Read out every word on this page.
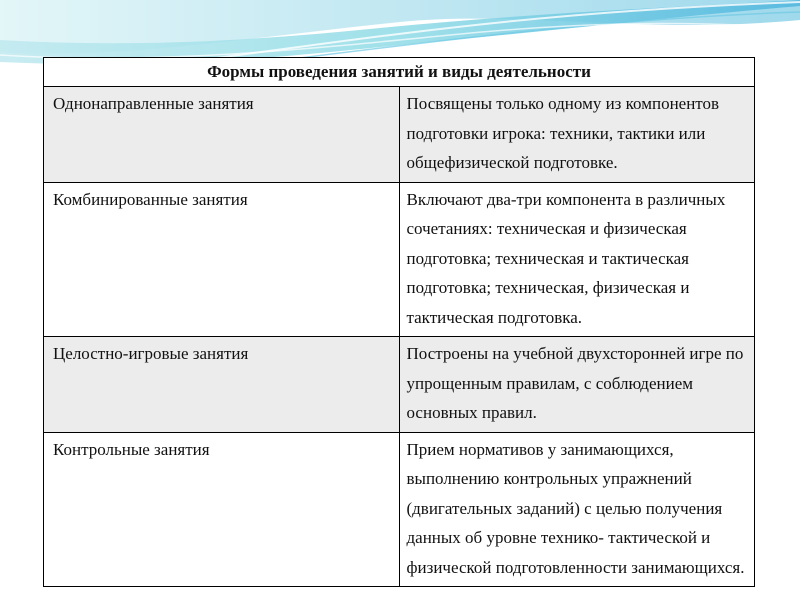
Формы проведения занятий и виды деятельности	
Однонаправленные занятия	Посвящены только одному из компонентов подготовки игрока: техники, тактики или общефизической подготовке.
Комбинированные занятия	Включают два-три компонента в различных сочетаниях: техническая и физическая подготовка; техническая и тактическая подготовка; техническая, физическая и тактическая подготовка.
Целостно-игровые занятия	Построены на учебной двухсторонней игре по упрощенным правилам, с соблюдением основных правил.
Контрольные занятия	Прием нормативов у занимающихся, выполнению контрольных упражнений (двигательных заданий) с целью получения данных об уровне технико- тактической и физической подготовленности занимающихся.
